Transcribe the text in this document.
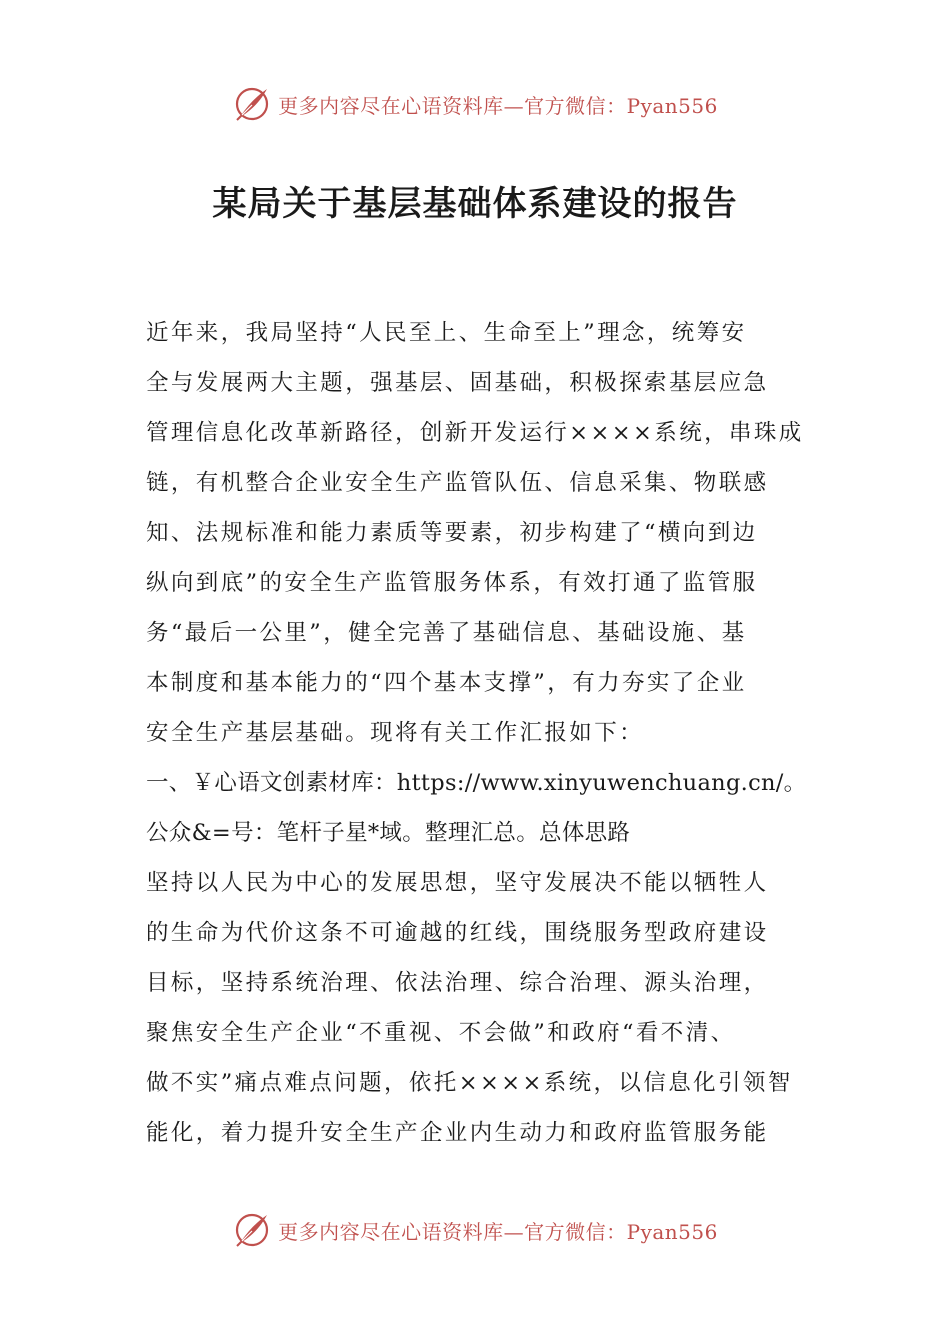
更多内容尽在心语资料库—官方微信：Pyan556
某局关于基层基础体系建设的报告
近年来，我局坚持“人民至上、生命至上”理念，统筹安
全与发展两大主题，强基层、固基础，积极探索基层应急
管理信息化改革新路径，创新开发运行××××系统，串珠成
链，有机整合企业安全生产监管队伍、信息采集、物联感
知、法规标准和能力素质等要素，初步构建了“横向到边
纵向到底”的安全生产监管服务体系，有效打通了监管服
务“最后一公里”，健全完善了基础信息、基础设施、基
本制度和基本能力的“四个基本支撑”，有力夯实了企业
安全生产基层基础。现将有关工作汇报如下：
一、￥心语文创素材库：https://www.xinyuwenchuang.cn/。
公众&=号：笔杆子星*域。整理汇总。总体思路
坚持以人民为中心的发展思想，坚守发展决不能以牺牲人
的生命为代价这条不可逾越的红线，围绕服务型政府建设
目标，坚持系统治理、依法治理、综合治理、源头治理，
聚焦安全生产企业“不重视、不会做”和政府“看不清、
做不实”痛点难点问题，依托××××系统，以信息化引领智
能化，着力提升安全生产企业内生动力和政府监管服务能
更多内容尽在心语资料库—官方微信：Pyan556
